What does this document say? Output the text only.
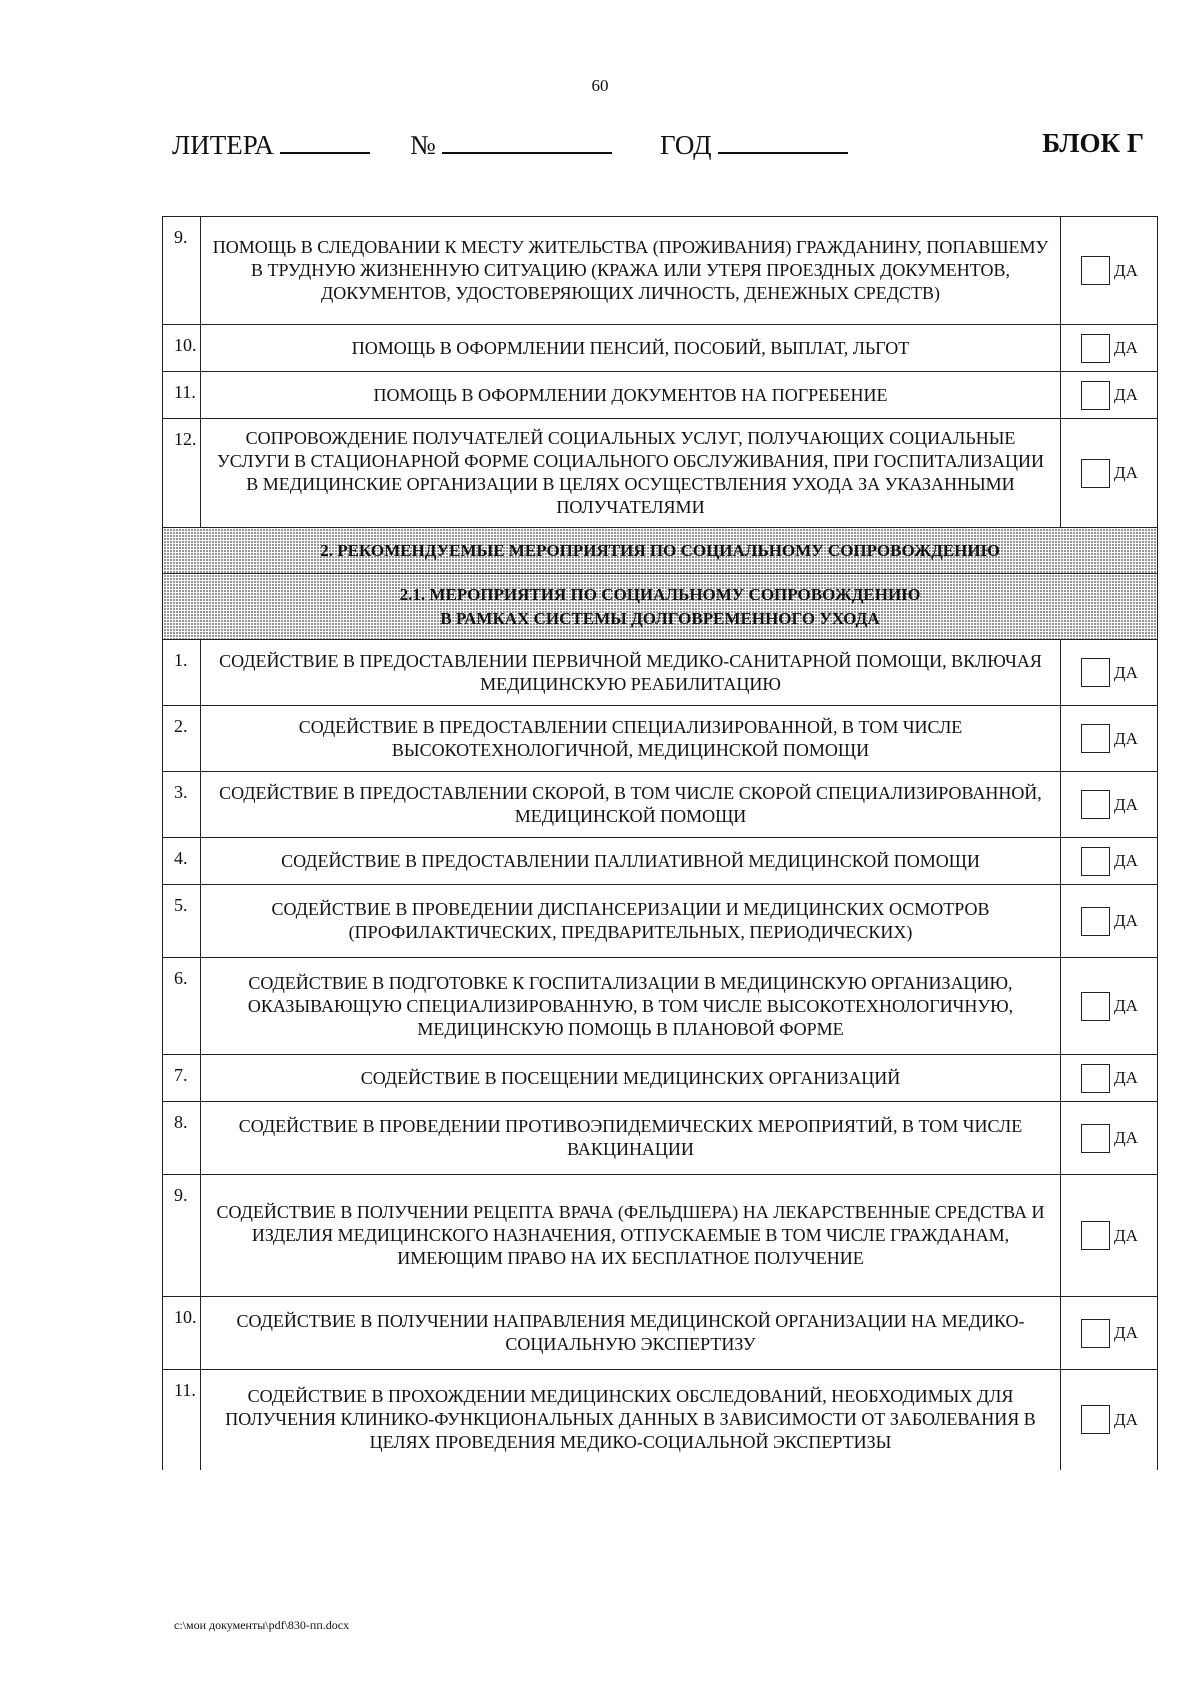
60
ЛИТЕРА	№	ГОД	БЛОК Г
9.	ПОМОЩЬ В СЛЕДОВАНИИ К МЕСТУ ЖИТЕЛЬСТВА (ПРОЖИВАНИЯ) ГРАЖДАНИНУ, ПОПАВШЕМУ В ТРУДНУЮ ЖИЗНЕННУЮ СИТУАЦИЮ (КРАЖА ИЛИ УТЕРЯ ПРОЕЗДНЫХ ДОКУМЕНТОВ, ДОКУМЕНТОВ, УДОСТОВЕРЯЮЩИХ ЛИЧНОСТЬ, ДЕНЕЖНЫХ СРЕДСТВ)	ДА

10.	ПОМОЩЬ В ОФОРМЛЕНИИ ПЕНСИЙ, ПОСОБИЙ, ВЫПЛАТ, ЛЬГОТ	ДА

11.	ПОМОЩЬ В ОФОРМЛЕНИИ ДОКУМЕНТОВ НА ПОГРЕБЕНИЕ	ДА

12.	СОПРОВОЖДЕНИЕ ПОЛУЧАТЕЛЕЙ СОЦИАЛЬНЫХ УСЛУГ, ПОЛУЧАЮЩИХ СОЦИАЛЬНЫЕ УСЛУГИ В СТАЦИОНАРНОЙ ФОРМЕ СОЦИАЛЬНОГО ОБСЛУЖИВАНИЯ, ПРИ ГОСПИТАЛИЗАЦИИ В МЕДИЦИНСКИЕ ОРГАНИЗАЦИИ В ЦЕЛЯХ ОСУЩЕСТВЛЕНИЯ УХОДА ЗА УКАЗАННЫМИ ПОЛУЧАТЕЛЯМИ	ДА

2. РЕКОМЕНДУЕМЫЕ МЕРОПРИЯТИЯ ПО СОЦИАЛЬНОМУ СОПРОВОЖДЕНИЮ		
2.1. МЕРОПРИЯТИЯ ПО СОЦИАЛЬНОМУ СОПРОВОЖДЕНИЮ
В РАМКАХ СИСТЕМЫ ДОЛГОВРЕМЕННОГО УХОДА		
1.	СОДЕЙСТВИЕ В ПРЕДОСТАВЛЕНИИ ПЕРВИЧНОЙ МЕДИКО-САНИТАРНОЙ ПОМОЩИ, ВКЛЮЧАЯ МЕДИЦИНСКУЮ РЕАБИЛИТАЦИЮ	ДА

2.	СОДЕЙСТВИЕ В ПРЕДОСТАВЛЕНИИ СПЕЦИАЛИЗИРОВАННОЙ, В ТОМ ЧИСЛЕ ВЫСОКОТЕХНОЛОГИЧНОЙ, МЕДИЦИНСКОЙ ПОМОЩИ	ДА

3.	СОДЕЙСТВИЕ В ПРЕДОСТАВЛЕНИИ СКОРОЙ, В ТОМ ЧИСЛЕ СКОРОЙ СПЕЦИАЛИЗИРОВАННОЙ, МЕДИЦИНСКОЙ ПОМОЩИ	ДА

4.	СОДЕЙСТВИЕ В ПРЕДОСТАВЛЕНИИ ПАЛЛИАТИВНОЙ МЕДИЦИНСКОЙ ПОМОЩИ	ДА

5.	СОДЕЙСТВИЕ В ПРОВЕДЕНИИ ДИСПАНСЕРИЗАЦИИ И МЕДИЦИНСКИХ ОСМОТРОВ (ПРОФИЛАКТИЧЕСКИХ, ПРЕДВАРИТЕЛЬНЫХ, ПЕРИОДИЧЕСКИХ)	ДА

6.	СОДЕЙСТВИЕ В ПОДГОТОВКЕ К ГОСПИТАЛИЗАЦИИ В МЕДИЦИНСКУЮ ОРГАНИЗАЦИЮ, ОКАЗЫВАЮЩУЮ СПЕЦИАЛИЗИРОВАННУЮ, В ТОМ ЧИСЛЕ ВЫСОКОТЕХНОЛОГИЧНУЮ, МЕДИЦИНСКУЮ ПОМОЩЬ В ПЛАНОВОЙ ФОРМЕ	ДА

7.	СОДЕЙСТВИЕ В ПОСЕЩЕНИИ МЕДИЦИНСКИХ ОРГАНИЗАЦИЙ	ДА

8.	СОДЕЙСТВИЕ В ПРОВЕДЕНИИ ПРОТИВОЭПИДЕМИЧЕСКИХ МЕРОПРИЯТИЙ, В ТОМ ЧИСЛЕ ВАКЦИНАЦИИ	ДА

9.	СОДЕЙСТВИЕ В ПОЛУЧЕНИИ РЕЦЕПТА ВРАЧА (ФЕЛЬДШЕРА) НА ЛЕКАРСТВЕННЫЕ СРЕДСТВА И ИЗДЕЛИЯ МЕДИЦИНСКОГО НАЗНАЧЕНИЯ, ОТПУСКАЕМЫЕ В ТОМ ЧИСЛЕ ГРАЖДАНАМ, ИМЕЮЩИМ ПРАВО НА ИХ БЕСПЛАТНОЕ ПОЛУЧЕНИЕ	ДА

10.	СОДЕЙСТВИЕ В ПОЛУЧЕНИИ НАПРАВЛЕНИЯ МЕДИЦИНСКОЙ ОРГАНИЗАЦИИ НА МЕДИКО-СОЦИАЛЬНУЮ ЭКСПЕРТИЗУ	ДА

11.	СОДЕЙСТВИЕ В ПРОХОЖДЕНИИ МЕДИЦИНСКИХ ОБСЛЕДОВАНИЙ, НЕОБХОДИМЫХ ДЛЯ ПОЛУЧЕНИЯ КЛИНИКО-ФУНКЦИОНАЛЬНЫХ ДАННЫХ В ЗАВИСИМОСТИ ОТ ЗАБОЛЕВАНИЯ В ЦЕЛЯХ ПРОВЕДЕНИЯ МЕДИКО-СОЦИАЛЬНОЙ ЭКСПЕРТИЗЫ	ДА
c:\мои документы\pdf\830-пп.docx
